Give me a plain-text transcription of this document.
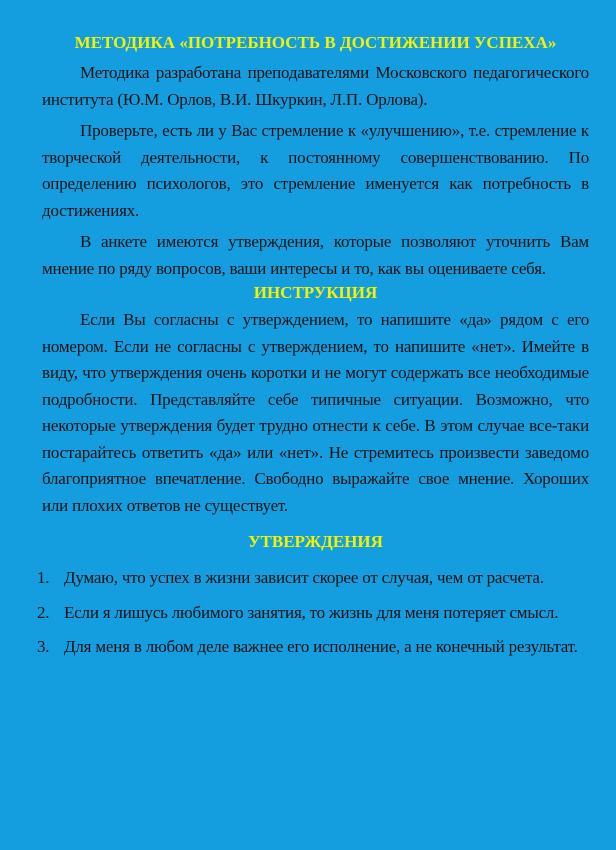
МЕТОДИКА «ПОТРЕБНОСТЬ В ДОСТИЖЕНИИ УСПЕХА»

Методика разработана преподавателями Московского педагогического института (Ю.М. Орлов, В.И. Шкуркин, Л.П. Орлова).

Проверьте, есть ли у Вас стремление к «улучшению», т.е. стремление к творческой деятельности, к постоянному совершенствованию. По определению психологов, это стремление именуется как потребность в достижениях.

В анкете имеются утверждения, которые позволяют уточнить Вам мнение по ряду вопросов, ваши интересы и то, как вы оцениваете себя.

ИНСТРУКЦИЯ

Если Вы согласны с утверждением, то напишите «да» рядом с его номером. Если не согласны с утверждением, то напишите «нет». Имейте в виду, что утверждения очень коротки и не могут содержать все необходимые подробности. Представляйте себе типичные ситуации. Возможно, что некоторые утверждения будет трудно отнести к себе. В этом случае все-таки постарайтесь ответить «да» или «нет». Не стремитесь произвести заведомо благоприятное впечатление. Свободно выражайте свое мнение. Хороших или плохих ответов не существует.

УТВЕРЖДЕНИЯ
1. Думаю, что успех в жизни зависит скорее от случая, чем от расчета.
2. Если я лишусь любимого занятия, то жизнь для меня потеряет смысл.
3. Для меня в любом деле важнее его исполнение, а не конечный результат.
